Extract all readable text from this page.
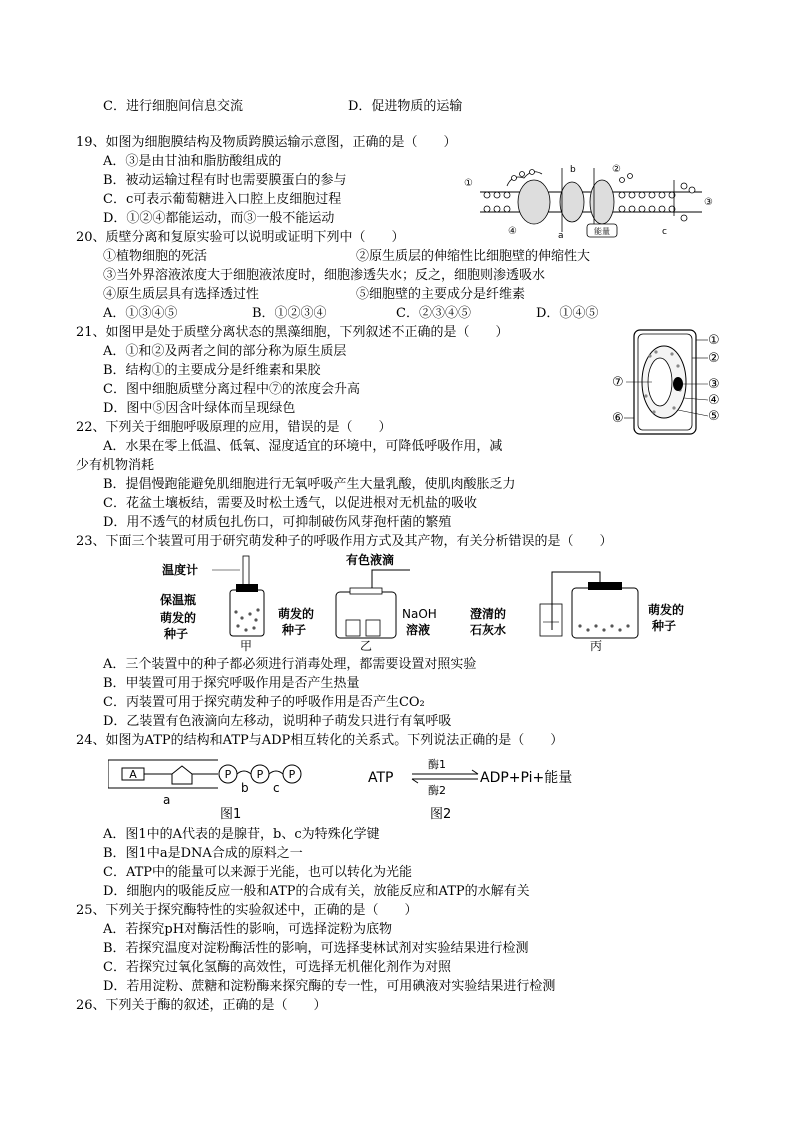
C．进行细胞间信息交流	D．促进物质的运输
19、如图为细胞膜结构及物质跨膜运输示意图，正确的是（　　）
A．③是由甘油和脂肪酸组成的
B．被动运输过程有时也需要膜蛋白的参与
C．c可表示葡萄糖进入口腔上皮细胞过程
D．①②④都能运动，而③一般不能运动
能量
①
②
③
④	a
b
c
20、质壁分离和复原实验可以说明或证明下列中（　　）
①植物细胞的死活	②原生质层的伸缩性比细胞壁的伸缩性大
③当外界溶液浓度大于细胞液浓度时，细胞渗透失水；反之，细胞则渗透吸水
④原生质层具有选择透过性	⑤细胞壁的主要成分是纤维素
A．①③④⑤	B．①②③④	C．②③④⑤	D．①④⑤
21、如图甲是处于质壁分离状态的黑藻细胞，下列叙述不正确的是（　　）
A．①和②及两者之间的部分称为原生质层
B．结构①的主要成分是纤维素和果胶
C．图中细胞质壁分离过程中⑦的浓度会升高
D．图中⑤因含叶绿体而呈现绿色
①
②
③
④
⑤
⑥
⑦
22、下列关于细胞呼吸原理的应用，错误的是（　　）
A．水果在零上低温、低氧、湿度适宜的环境中，可降低呼吸作用，减
少有机物消耗
B．提倡慢跑能避免肌细胞进行无氧呼吸产生大量乳酸，使肌肉酸胀乏力
C．花盆土壤板结，需要及时松土透气，以促进根对无机盐的吸收
D．用不透气的材质包扎伤口，可抑制破伤风芽孢杆菌的繁殖
23、下面三个装置可用于研究萌发种子的呼吸作用方式及其产物，有关分析错误的是（　　）
温度计
保温瓶
萌发的
种子
甲
有色液滴
萌发的
种子
NaOH
溶液
乙
澄清的
石灰水
萌发的
种子
丙
A．三个装置中的种子都必须进行消毒处理，都需要设置对照实验
B．甲装置可用于探究呼吸作用是否产生热量
C．丙装置可用于探究萌发种子的呼吸作用是否产生CO₂
D．乙装置有色液滴向左移动，说明种子萌发只进行有氧呼吸
24、如图为ATP的结构和ATP与ADP相互转化的关系式。下列说法正确的是（　　）
A	P P P
a
b c
图1
ATP
酶1
酶2
ADP+Pi+能量
图2
A．图1中的A代表的是腺苷，b、c为特殊化学键
B．图1中a是DNA合成的原料之一
C．ATP中的能量可以来源于光能，也可以转化为光能
D．细胞内的吸能反应一般和ATP的合成有关，放能反应和ATP的水解有关
25、下列关于探究酶特性的实验叙述中，正确的是（　　）
A．若探究pH对酶活性的影响，可选择淀粉为底物
B．若探究温度对淀粉酶活性的影响，可选择斐林试剂对实验结果进行检测
C．若探究过氧化氢酶的高效性，可选择无机催化剂作为对照
D．若用淀粉、蔗糖和淀粉酶来探究酶的专一性，可用碘液对实验结果进行检测
26、下列关于酶的叙述，正确的是（　　）
